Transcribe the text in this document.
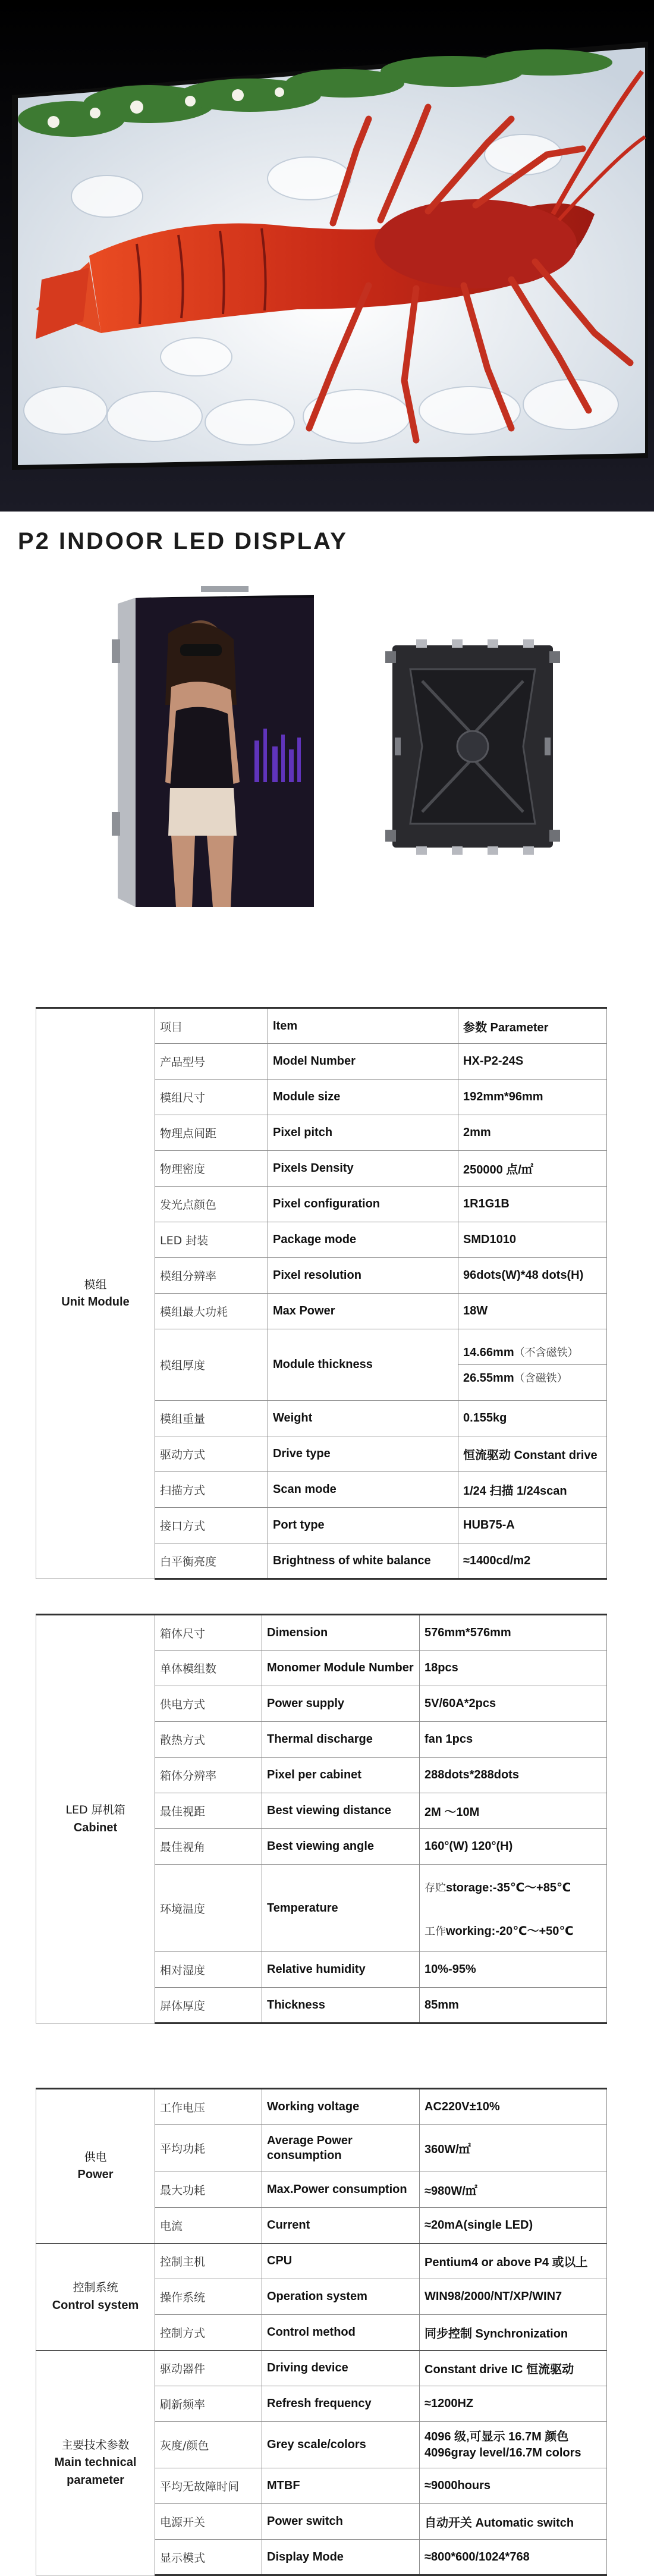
P2 INDOOR LED DISPLAY
模组
Unit Module	项目	Item	参数 Parameter
	产品型号	Model Number	HX-P2-24S
	模组尺寸	Module size	192mm*96mm
	物理点间距	Pixel pitch	2mm
	物理密度	Pixels Density	250000 点/㎡
	发光点颜色	Pixel configuration	1R1G1B
	LED 封装	Package mode	SMD1010
	模组分辨率	Pixel resolution	96dots(W)*48 dots(H)
	模组最大功耗	Max Power	18W
	模组厚度	Module thickness	14.66mm（不含磁铁）
26.55mm（含磁铁）

	模组重量	Weight	0.155kg
	驱动方式	Drive type	恒流驱动 Constant drive
	扫描方式	Scan mode	1/24 扫描 1/24scan
	接口方式	Port type	HUB75-A
	白平衡亮度	Brightness of white balance	≈1400cd/m2
LED 屏机箱
Cabinet	箱体尺寸	Dimension	576mm*576mm
	单体模组数	Monomer Module Number	18pcs
	供电方式	Power supply	5V/60A*2pcs
	散热方式	Thermal discharge	fan 1pcs
	箱体分辨率	Pixel per cabinet	288dots*288dots
	最佳视距	Best viewing distance	2M ～10M
	最佳视角	Best viewing angle	160°(W) 120°(H)
	环境温度	Temperature	存贮storage:-35℃～+85℃
工作working:-20℃～+50℃

	相对湿度	Relative humidity	10%-95%
	屏体厚度	Thickness	85mm
供电
Power	工作电压	Working voltage	AC220V±10%
	平均功耗	Average Power consumption	360W/㎡
	最大功耗	Max.Power consumption	≈980W/㎡
	电流	Current	≈20mA(single LED)

控制系统
Control system	控制主机	CPU	Pentium4 or above P4 或以上
	操作系统	Operation system	WIN98/2000/NT/XP/WIN7
	控制方式	Control method	同步控制 Synchronization

主要技术参数
Main technical parameter	驱动器件	Driving device	Constant drive IC 恒流驱动
	刷新频率	Refresh frequency	≈1200HZ
	灰度/颜色	Grey scale/colors	4096 级,可显示 16.7M 颜色
4096gray level/16.7M colors

	平均无故障时间	MTBF	≈9000hours
	电源开关	Power switch	自动开关 Automatic switch
	显示模式	Display Mode	≈800*600/1024*768
